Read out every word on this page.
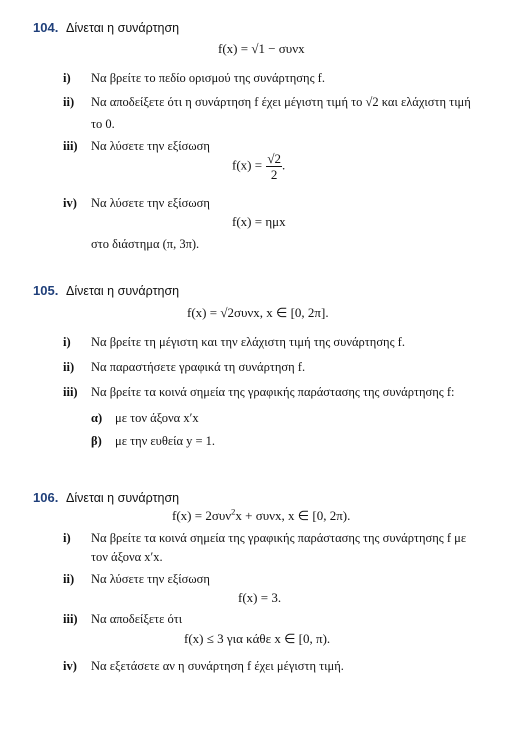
104. Δίνεται η συνάρτηση
f(x) = √1 − συνx
i) Να βρείτε το πεδίο ορισμού της συνάρτησης f.
ii) Να αποδείξετε ότι η συνάρτηση f έχει μέγιστη τιμή το √2 και ελάχιστη τιμή
το 0.
iii) Να λύσετε την εξίσωση
$f(x) = \frac{√2}{2}$ .
iv) Να λύσετε την εξίσωση
f(x) = ημx
στο διάστημα (π, 3π).
105. Δίνεται η συνάρτηση
f(x) = √2συνx, x ∈ [0, 2π].
i) Να βρείτε τη μέγιστη και την ελάχιστη τιμή της συνάρτησης f.
ii) Να παραστήσετε γραφικά τη συνάρτηση f.
iii) Να βρείτε τα κοινά σημεία της γραφικής παράστασης της συνάρτησης f:
α) με τον άξονα x′x
β) με την ευθεία y = 1.
106. Δίνεται η συνάρτηση
f(x) = 2συν$^2$x + συνx, x ∈ [0, 2π).
i) Να βρείτε τα κοινά σημεία της γραφικής παράστασης της συνάρτησης f με
τον άξονα x′x.
ii) Να λύσετε την εξίσωση
f(x) = 3.
iii) Να αποδείξετε ότι
f(x) ≤ 3 για κάθε x ∈ [0, π).
iv) Να εξετάσετε αν η συνάρτηση f έχει μέγιστη τιμή.
